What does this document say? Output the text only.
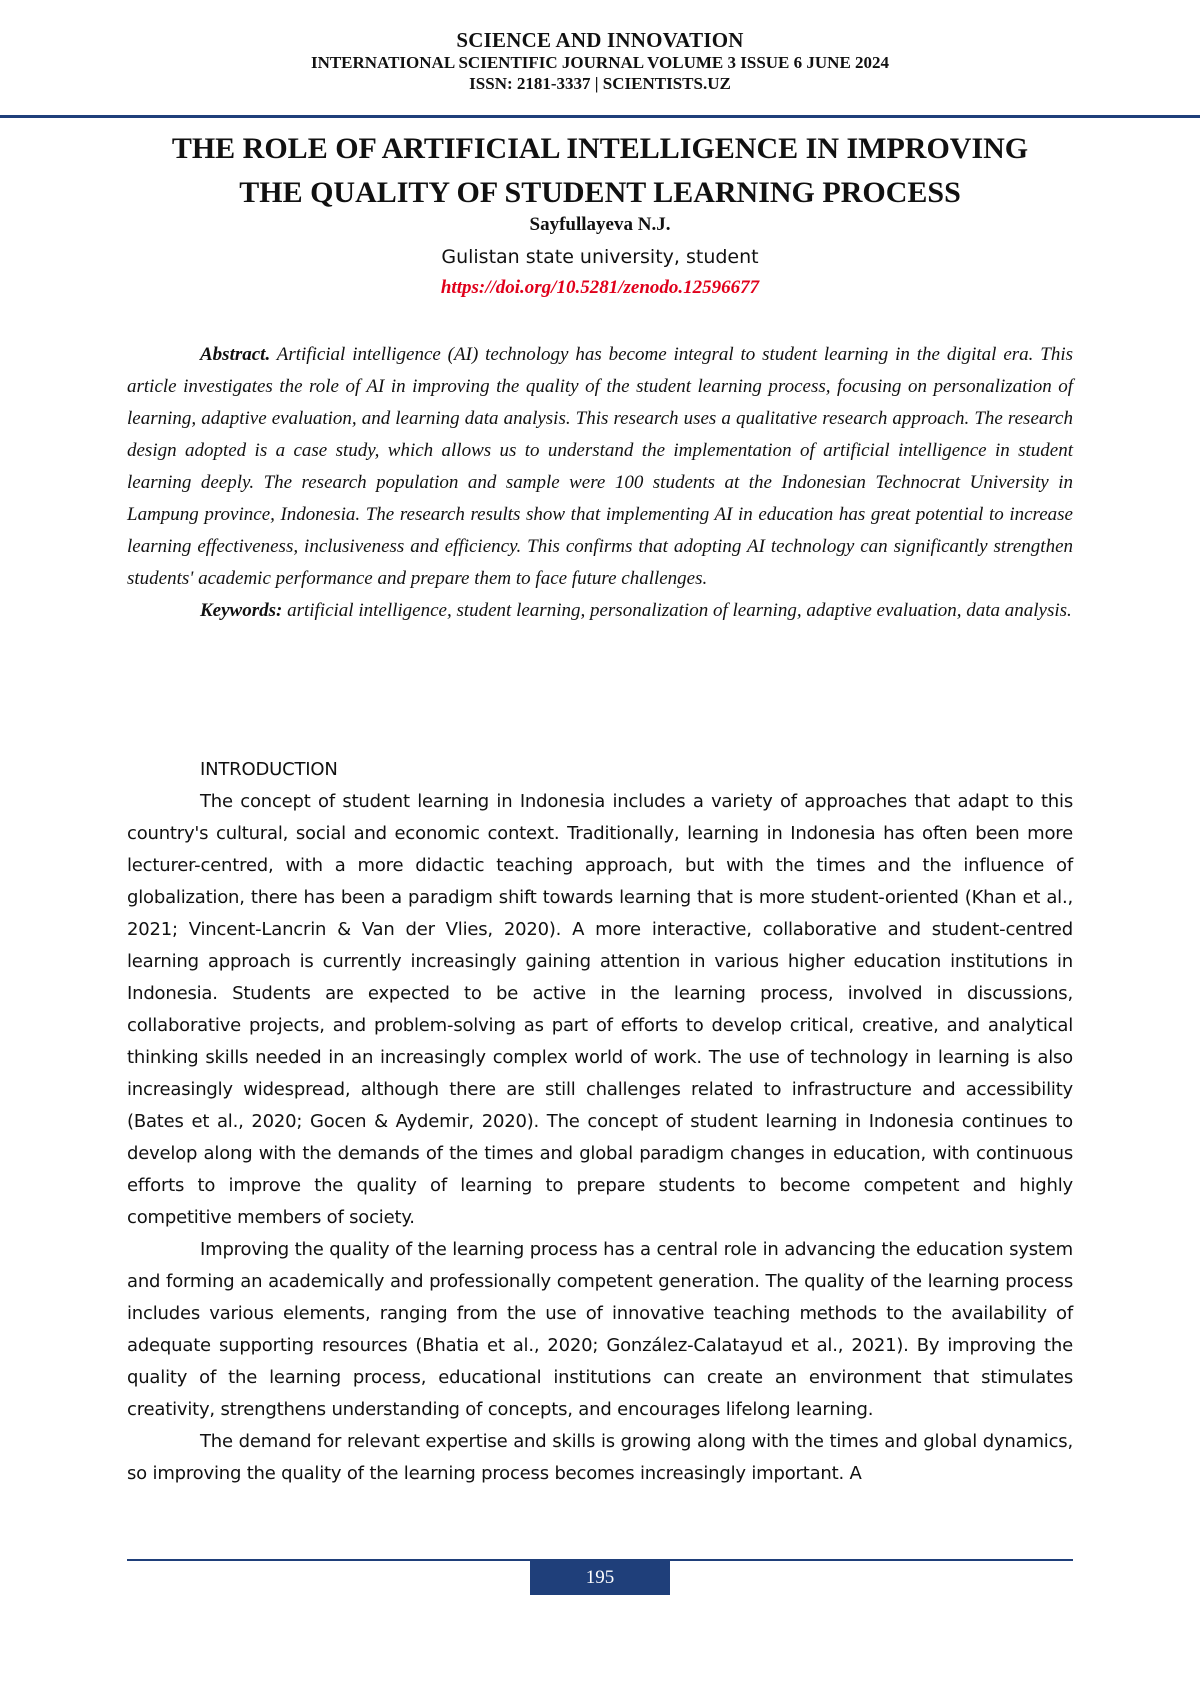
SCIENCE AND INNOVATION
INTERNATIONAL SCIENTIFIC JOURNAL VOLUME 3 ISSUE 6 JUNE 2024
ISSN: 2181-3337 | SCIENTISTS.UZ
THE ROLE OF ARTIFICIAL INTELLIGENCE IN IMPROVING
THE QUALITY OF STUDENT LEARNING PROCESS
Sayfullayeva N.J.
Gulistan state university, student
https://doi.org/10.5281/zenodo.12596677

Abstract. Artificial intelligence (AI) technology has become integral to student learning in the digital era. This article investigates the role of AI in improving the quality of the student learning process, focusing on personalization of learning, adaptive evaluation, and learning data analysis. This research uses a qualitative research approach. The research design adopted is a case study, which allows us to understand the implementation of artificial intelligence in student learning deeply. The research population and sample were 100 students at the Indonesian Technocrat University in Lampung province, Indonesia. The research results show that implementing AI in education has great potential to increase learning effectiveness, inclusiveness and efficiency. This confirms that adopting AI technology can significantly strengthen students' academic performance and prepare them to face future challenges.

Keywords: artificial intelligence, student learning, personalization of learning, adaptive evaluation, data analysis.

INTRODUCTION

The concept of student learning in Indonesia includes a variety of approaches that adapt to this country's cultural, social and economic context. Traditionally, learning in Indonesia has often been more lecturer-centred, with a more didactic teaching approach, but with the times and the influence of globalization, there has been a paradigm shift towards learning that is more student-oriented (Khan et al., 2021; Vincent-Lancrin & Van der Vlies, 2020). A more interactive, collaborative and student-centred learning approach is currently increasingly gaining attention in various higher education institutions in Indonesia. Students are expected to be active in the learning process, involved in discussions, collaborative projects, and problem-solving as part of efforts to develop critical, creative, and analytical thinking skills needed in an increasingly complex world of work. The use of technology in learning is also increasingly widespread, although there are still challenges related to infrastructure and accessibility (Bates et al., 2020; Gocen & Aydemir, 2020). The concept of student learning in Indonesia continues to develop along with the demands of the times and global paradigm changes in education, with continuous efforts to improve the quality of learning to prepare students to become competent and highly competitive members of society.

Improving the quality of the learning process has a central role in advancing the education system and forming an academically and professionally competent generation. The quality of the learning process includes various elements, ranging from the use of innovative teaching methods to the availability of adequate supporting resources (Bhatia et al., 2020; González-Calatayud et al., 2021). By improving the quality of the learning process, educational institutions can create an environment that stimulates creativity, strengthens understanding of concepts, and encourages lifelong learning.

The demand for relevant expertise and skills is growing along with the times and global dynamics, so improving the quality of the learning process becomes increasingly important. A

195
